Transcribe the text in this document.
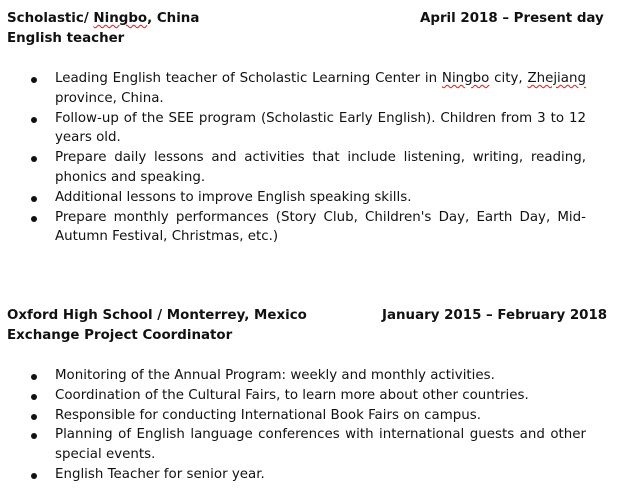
Scholastic/ Ningbo, China	April 2018 – Present day
English teacher
Leading English teacher of Scholastic Learning Center in Ningbo city, Zhejiang province, China.
Follow-up of the SEE program (Scholastic Early English). Children from 3 to 12 years old.
Prepare daily lessons and activities that include listening, writing, reading, phonics and speaking.
Additional lessons to improve English speaking skills.
Prepare monthly performances (Story Club, Children's Day, Earth Day, Mid-Autumn Festival, Christmas, etc.)
Oxford High School / Monterrey, Mexico	January 2015 – February 2018
Exchange Project Coordinator
Monitoring of the Annual Program: weekly and monthly activities.
Coordination of the Cultural Fairs, to learn more about other countries.
Responsible for conducting International Book Fairs on campus.
Planning of English language conferences with international guests and other special events.
English Teacher for senior year.
